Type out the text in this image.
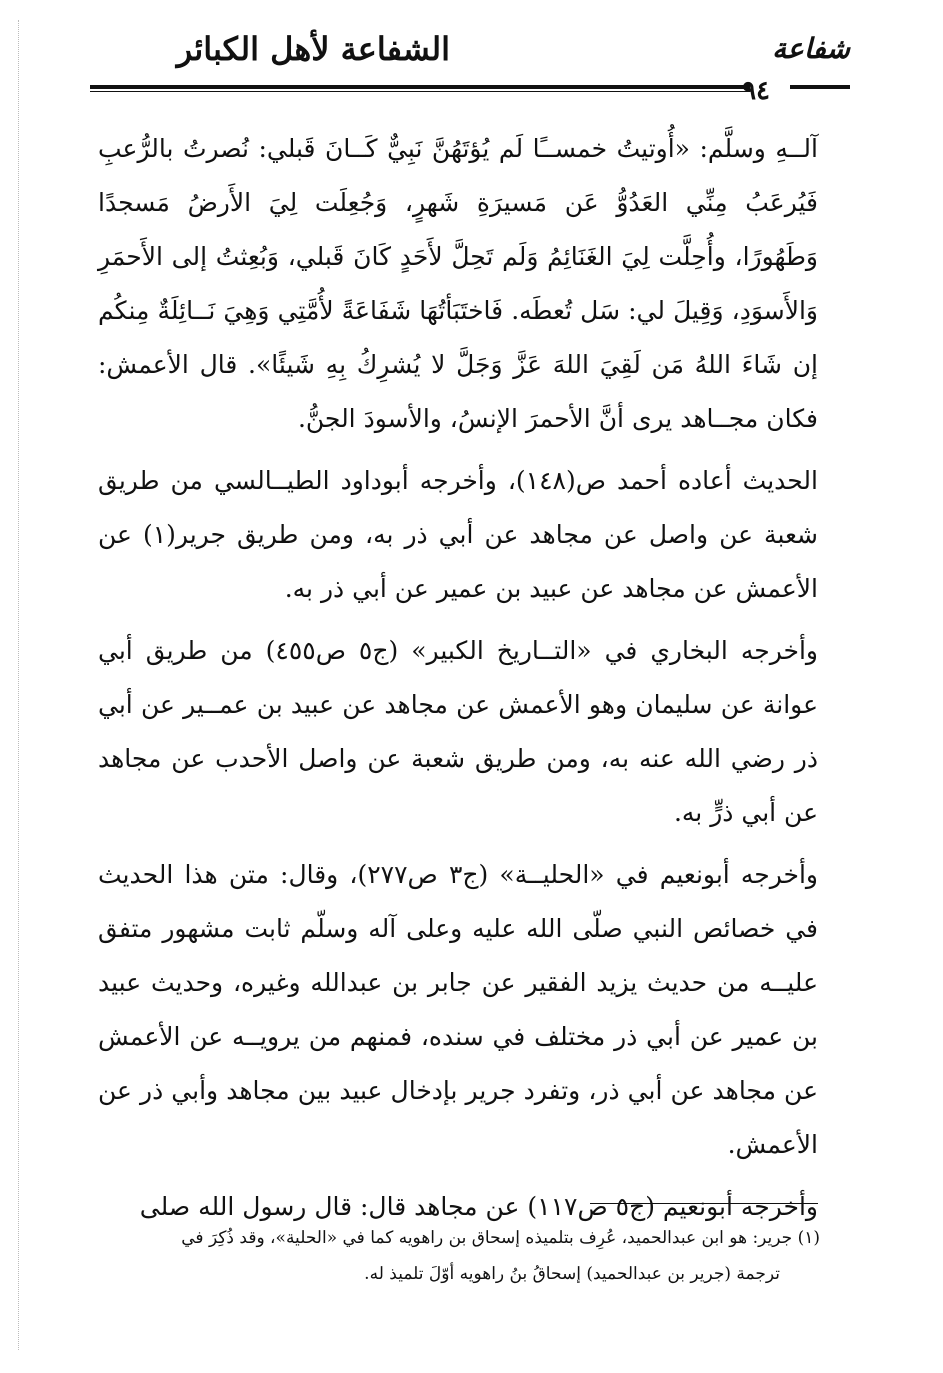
الشفاعة لأهل الكبائر	شفاعة
٩٤

آلــهِ وسلَّم: «أُوتيتُ خمســًا لَم يُؤتَهُنَّ نَبِيٌّ كَــانَ قَبلي: نُصرتُ بالرُّعبِ فَيُرعَبُ مِنِّي العَدُوُّ عَن مَسيرَةِ شَهرٍ، وَجُعِلَت لِيَ الأَرضُ مَسجدًا وَطَهُورًا، وأُحِلَّت لِيَ الغَنَائِمُ وَلَم تَحِلَّ لأَحَدٍ كَانَ قَبلي، وَبُعِثتُ إلى الأَحمَرِ وَالأَسوَدِ، وَقِيلَ لي: سَل تُعطَه. فَاختَبَأتُهَا شَفَاعَةً لأُمَّتِي وَهِيَ نَــائِلَةٌ مِنكُم إن شَاءَ اللهُ مَن لَقِيَ اللهَ عَزَّ وَجَلَّ لا يُشرِكُ بِهِ شَيئًا». قال الأعمش: فكان مجــاهد يرى أنَّ الأحمرَ الإنسُ، والأسودَ الجنُّ.

الحديث أعاده أحمد ص(١٤٨)، وأخرجه أبوداود الطيــالسي من طريق شعبة عن واصل عن مجاهد عن أبي ذر به، ومن طريق جرير(١) عن الأعمش عن مجاهد عن عبيد بن عمير عن أبي ذر به.

وأخرجه البخاري في «التــاريخ الكبير» (ج٥ ص٤٥٥) من طريق أبي عوانة عن سليمان وهو الأعمش عن مجاهد عن عبيد بن عمــير عن أبي ذر رضي الله عنه به، ومن طريق شعبة عن واصل الأحدب عن مجاهد عن أبي ذرٍّ به.

وأخرجه أبونعيم في «الحليــة» (ج٣ ص٢٧٧)، وقال: متن هذا الحديث في خصائص النبي صلّى الله عليه وعلى آله وسلّم ثابت مشهور متفق عليــه من حديث يزيد الفقير عن جابر بن عبدالله وغيره، وحديث عبيد بن عمير عن أبي ذر مختلف في سنده، فمنهم من يرويــه عن الأعمش عن مجاهد عن أبي ذر، وتفرد جرير بإدخال عبيد بين مجاهد وأبي ذر عن الأعمش.

وأخرجه أبونعيم (ج٥ ص١١٧) عن مجاهد قال: قال رسول الله صلى

(١) جرير: هو ابن عبدالحميد، عُرِف بتلميذه إسحاق بن راهويه كما في «الحلية»، وقد ذُكِرَ في

ترجمة (جرير بن عبدالحميد) إسحاقُ بنُ راهويه أوّلَ تلميذ له.
